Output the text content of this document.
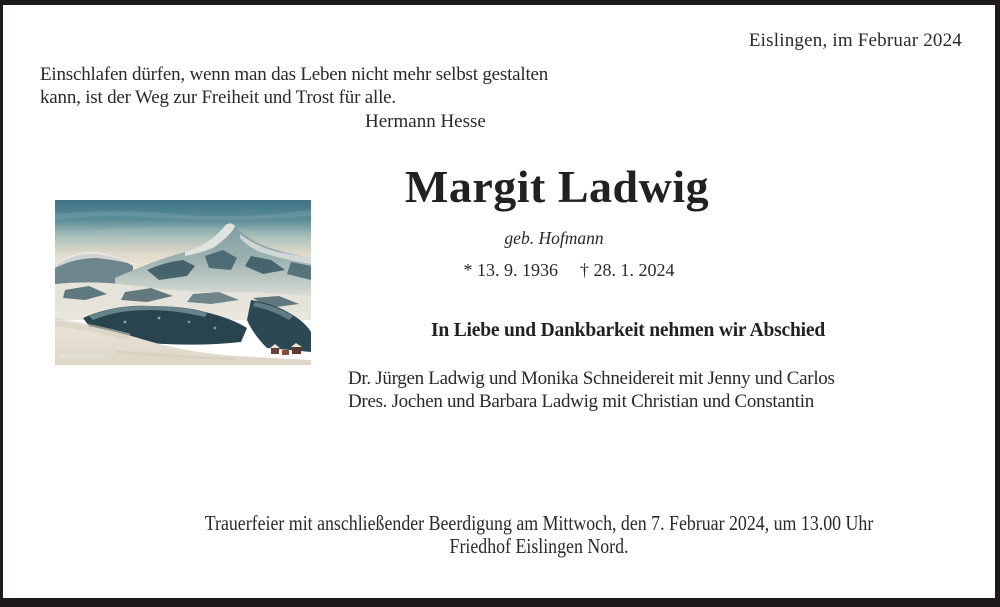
Eislingen, im Februar 2024
Einschlafen dürfen, wenn man das Leben nicht mehr selbst gestalten
kann, ist der Weg zur Freiheit und Trost für alle.
Hermann Hesse
Margit Ladwig
geb. Hofmann
* 13. 9. 1936 † 28. 1. 2024
In Liebe und Dankbarkeit nehmen wir Abschied
Dr. Jürgen Ladwig und Monika Schneidereit mit Jenny und Carlos
Dres. Jochen und Barbara Ladwig mit Christian und Constantin
Trauerfeier mit anschließender Beerdigung am Mittwoch, den 7. Februar 2024, um 13.00 Uhr
Friedhof Eislingen Nord.
